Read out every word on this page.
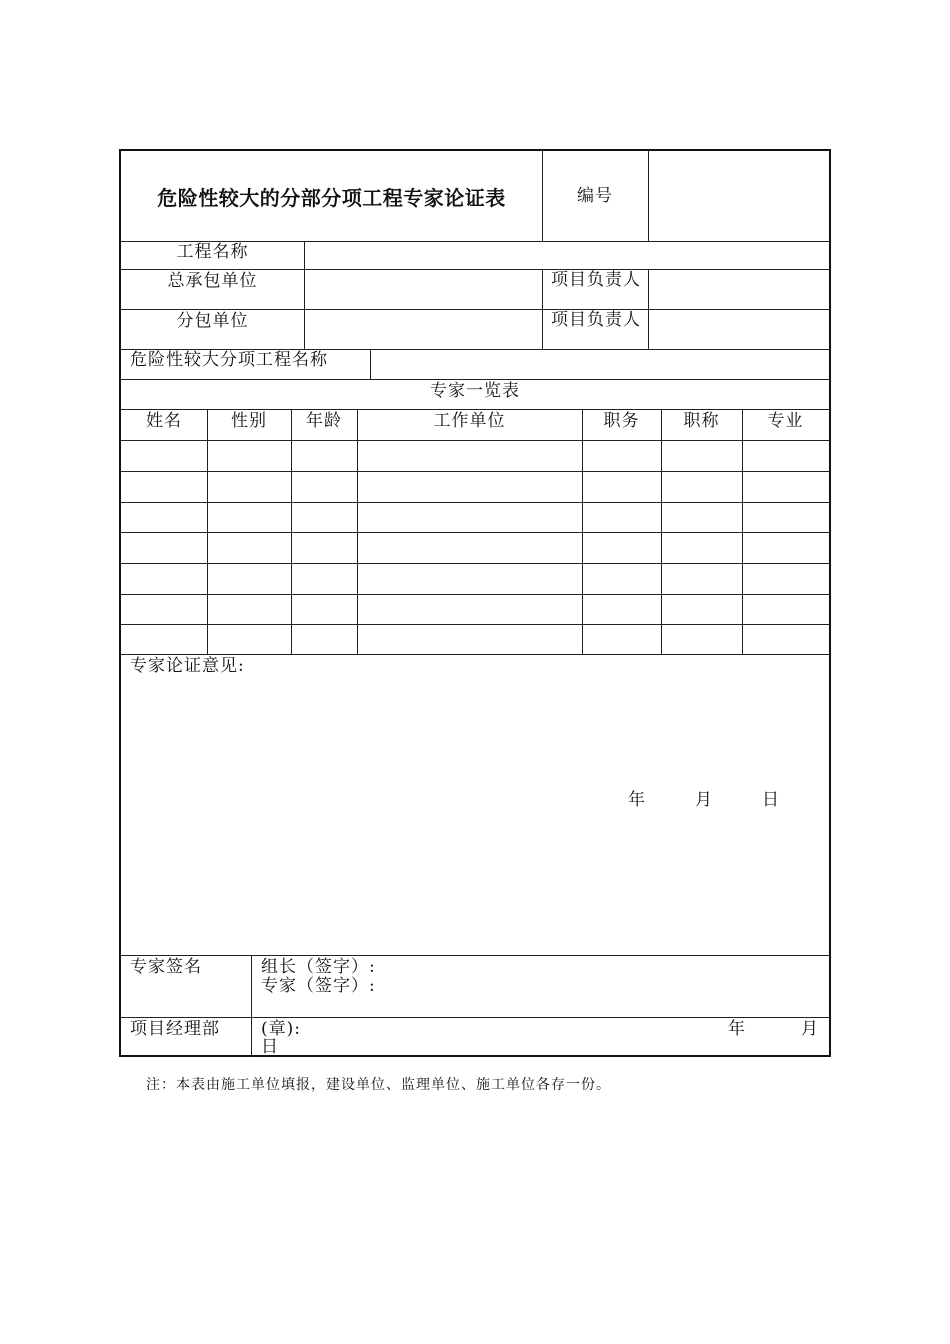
危险性较大的分部分项工程专家论证表	编号
工程名称
总承包单位	项目负责人
分包单位	项目负责人
危险性较大分项工程名称
专家一览表
姓名	性别	年龄	工作单位	职务	职称	专业
专家论证意见:
年	月	日
专家签名	组长（签字）:
专家（签字）:
项目经理部 (章):	年	月
日
注：本表由施工单位填报，建设单位、监理单位、施工单位各存一份。
